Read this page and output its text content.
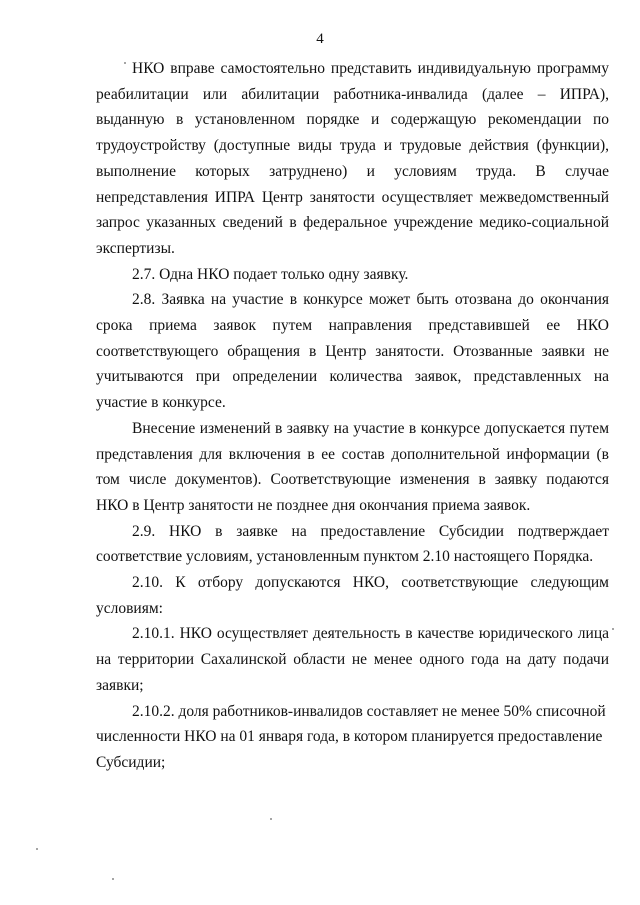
4

НКО вправе самостоятельно представить индивидуальную программу реабилитации или абилитации работника-инвалида (далее – ИПРА), выданную в установленном порядке и содержащую рекомендации по трудоустройству (доступные виды труда и трудовые действия (функции), выполнение которых затруднено) и условиям труда. В случае непредставления ИПРА Центр занятости осуществляет межведомственный запрос указанных сведений в федеральное учреждение медико-социальной экспертизы.

2.7. Одна НКО подает только одну заявку.

2.8. Заявка на участие в конкурсе может быть отозвана до окончания срока приема заявок путем направления представившей ее НКО соответствующего обращения в Центр занятости. Отозванные заявки не учитываются при определении количества заявок, представленных на участие в конкурсе.

Внесение изменений в заявку на участие в конкурсе допускается путем представления для включения в ее состав дополнительной информации (в том числе документов). Соответствующие изменения в заявку подаются НКО в Центр занятости не позднее дня окончания приема заявок.

2.9. НКО в заявке на предоставление Субсидии подтверждает соответствие условиям, установленным пунктом 2.10 настоящего Порядка.

2.10. К отбору допускаются НКО, соответствующие следующим условиям:

2.10.1. НКО осуществляет деятельность в качестве юридического лица на территории Сахалинской области не менее одного года на дату подачи заявки;

2.10.2. доля работников-инвалидов составляет не менее 50% списочной численности НКО на 01 января года, в котором планируется предоставление Субсидии;
